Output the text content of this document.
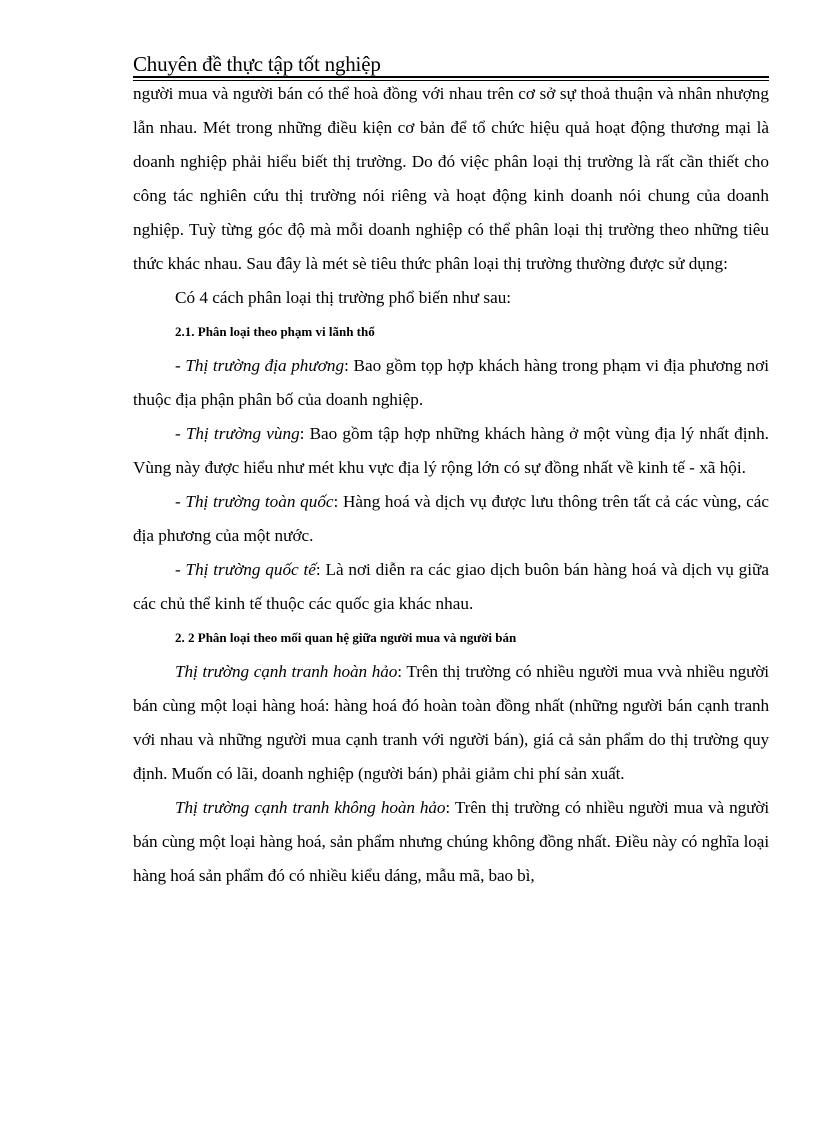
Chuyên đề thực tập tốt nghiệp

người mua và người bán có thể hoà đồng với nhau trên cơ sở sự thoả thuận và nhân nhượng lẫn nhau. Mét trong những điều kiện cơ bản để tổ chức hiệu quả hoạt động thương mại là doanh nghiệp phải hiểu biết thị trường. Do đó việc phân loại thị trường là rất cần thiết cho công tác nghiên cứu thị trường nói riêng và hoạt động kinh doanh nói chung của doanh nghiệp. Tuỳ từng góc độ mà mỗi doanh nghiệp có thể phân loại thị trường theo những tiêu thức khác nhau. Sau đây là mét sè tiêu thức phân loại thị trường thường được sử dụng:

Có 4 cách phân loại thị trường phổ biến như sau:

2.1. Phân loại theo phạm vi lãnh thổ

- Thị trường địa phương: Bao gồm tọp hợp khách hàng trong phạm vi địa phương nơi thuộc địa phận phân bố của doanh nghiệp.

- Thị trường vùng: Bao gồm tập hợp những khách hàng ở một vùng địa lý nhất định. Vùng này được hiểu như mét khu vực địa lý rộng lớn có sự đồng nhất về kinh tế - xã hội.

- Thị trường toàn quốc: Hàng hoá và dịch vụ được lưu thông trên tất cả các vùng, các địa phương của một nước.

- Thị trường quốc tế: Là nơi diễn ra các giao dịch buôn bán hàng hoá và dịch vụ giữa các chủ thể kinh tế thuộc các quốc gia khác nhau.

2. 2 Phân loại theo mối quan hệ giữa người mua và người bán

Thị trường cạnh tranh hoàn hảo: Trên thị trường có nhiều người mua vvà nhiều người bán cùng một loại hàng hoá: hàng hoá đó hoàn toàn đồng nhất (những người bán cạnh tranh với nhau và những người mua cạnh tranh với người bán), giá cả sản phẩm do thị trường quy định. Muốn có lãi, doanh nghiệp (người bán) phải giảm chi phí sản xuất.

Thị trường cạnh tranh không hoàn hảo: Trên thị trường có nhiều người mua và người bán cùng một loại hàng hoá, sản phẩm nhưng chúng không đồng nhất. Điều này có nghĩa loại hàng hoá sản phẩm đó có nhiều kiểu dáng, mẫu mã, bao bì,
